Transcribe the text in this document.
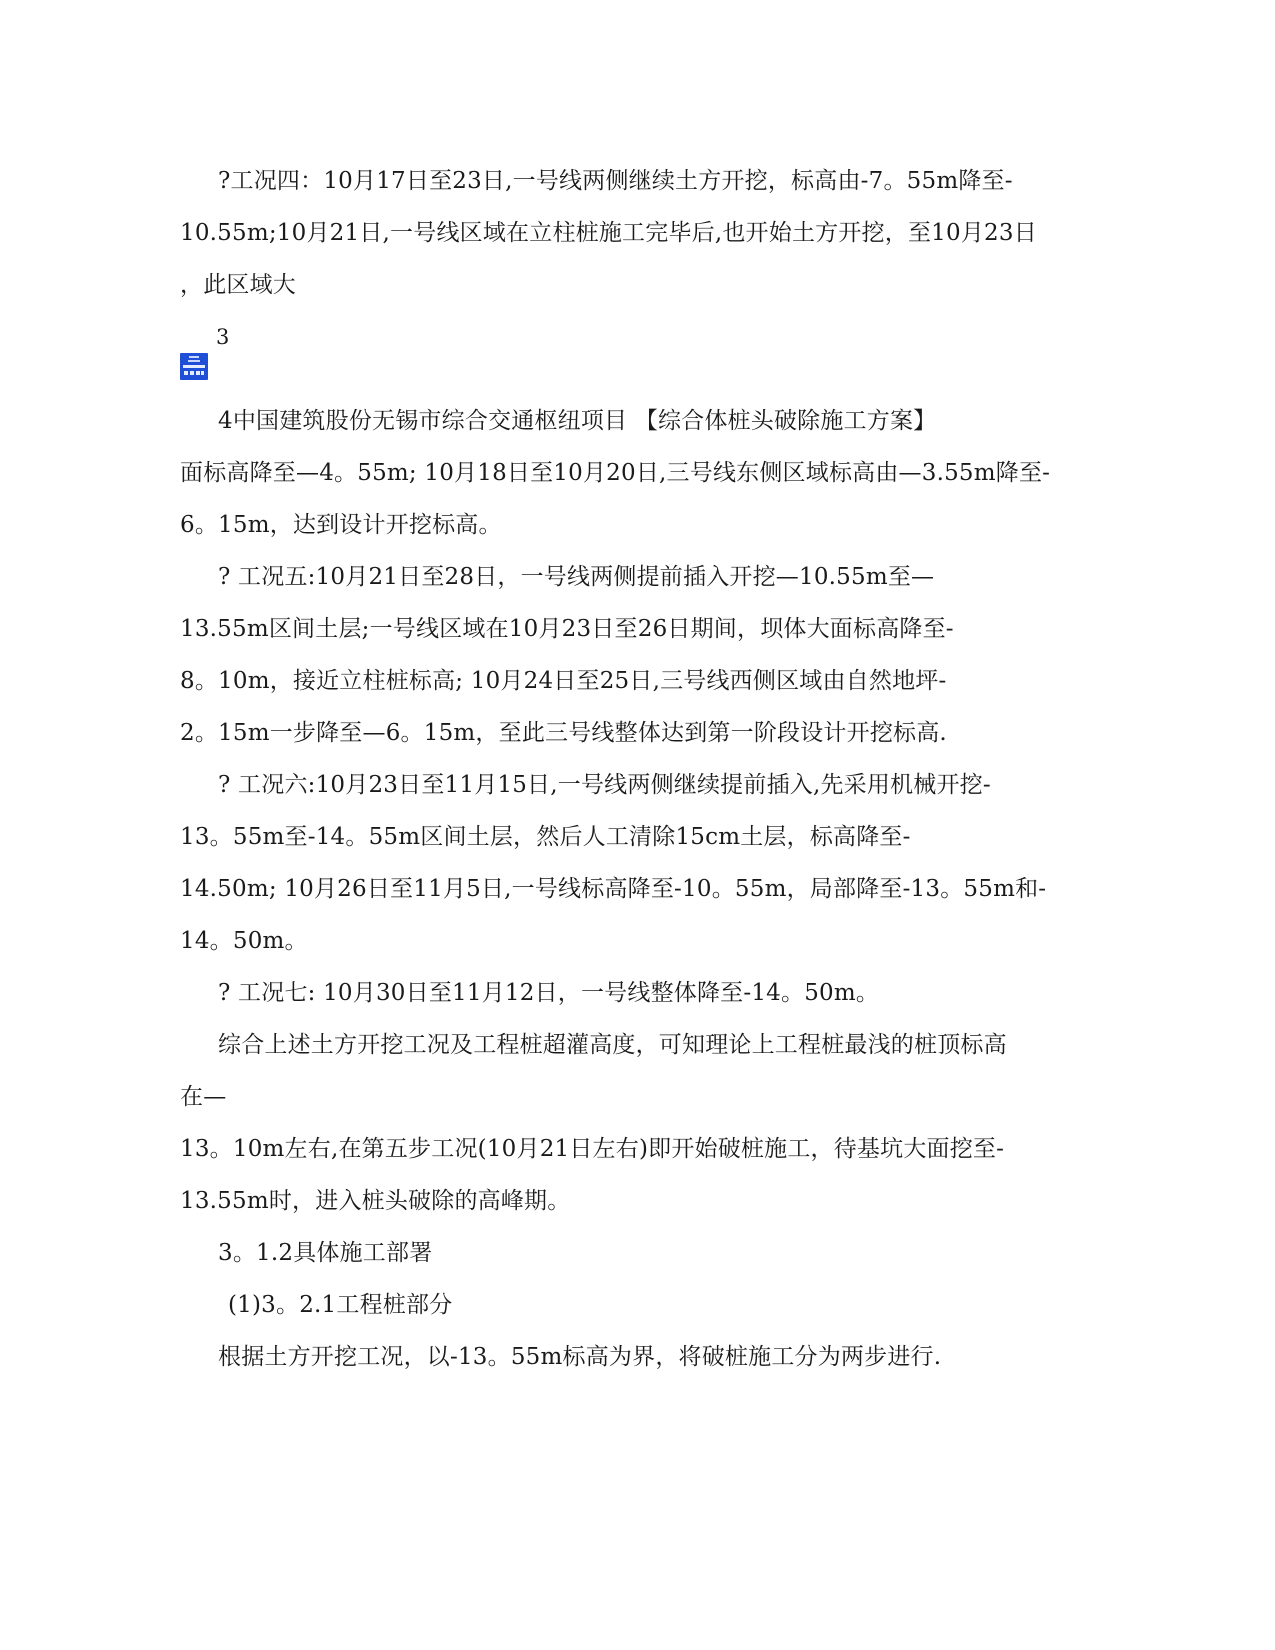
?工况四：10月17日至23日,一号线两侧继续土方开挖，标高由-7。55m降至-
10.55m;10月21日,一号线区域在立柱桩施工完毕后,也开始土方开挖，至10月23日
，此区域大
3
4中国建筑股份无锡市综合交通枢纽项目 【综合体桩头破除施工方案】
面标高降至—4。55m; 10月18日至10月20日,三号线东侧区域标高由—3.55m降至-
6。15m，达到设计开挖标高。
? 工况五:10月21日至28日，一号线两侧提前插入开挖—10.55m至—
13.55m区间土层;一号线区域在10月23日至26日期间，坝体大面标高降至-
8。10m，接近立柱桩标高; 10月24日至25日,三号线西侧区域由自然地坪-
2。15m一步降至—6。15m，至此三号线整体达到第一阶段设计开挖标高.
? 工况六:10月23日至11月15日,一号线两侧继续提前插入,先采用机械开挖-
13。55m至-14。55m区间土层，然后人工清除15cm土层，标高降至-
14.50m; 10月26日至11月5日,一号线标高降至-10。55m，局部降至-13。55m和-
14。50m。
? 工况七: 10月30日至11月12日，一号线整体降至-14。50m。
综合上述土方开挖工况及工程桩超灌高度，可知理论上工程桩最浅的桩顶标高
在—
13。10m左右,在第五步工况(10月21日左右)即开始破桩施工，待基坑大面挖至-
13.55m时，进入桩头破除的高峰期。
3。1.2具体施工部署
(1)3。2.1工程桩部分
根据土方开挖工况，以-13。55m标高为界，将破桩施工分为两步进行.
